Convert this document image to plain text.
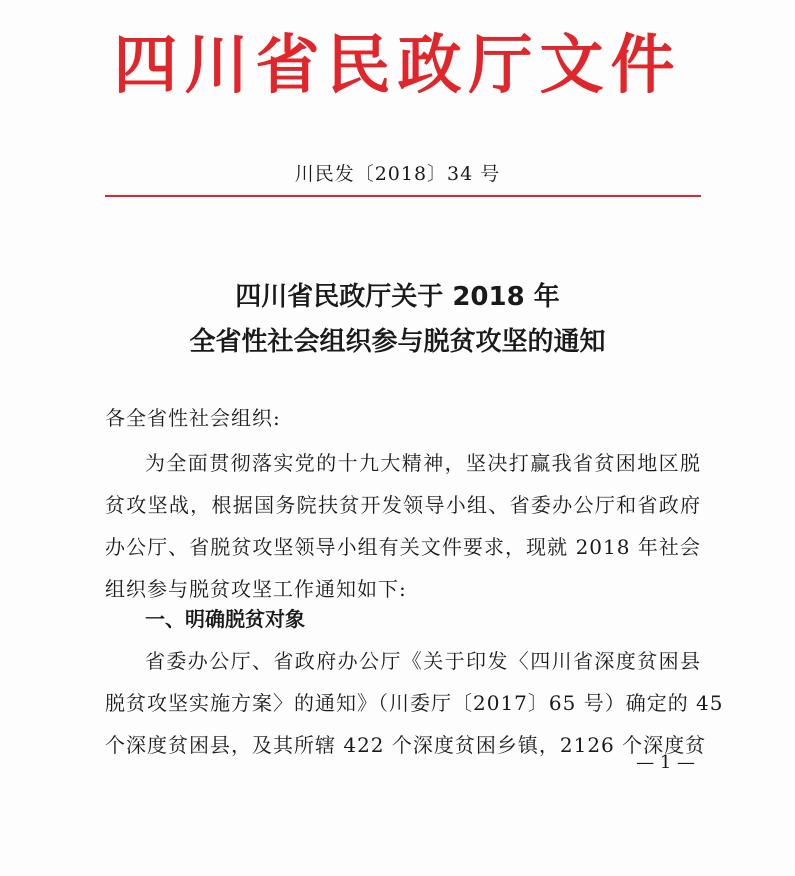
四川省民政厅文件
川民发〔2018〕34 号
四川省民政厅关于 2018 年
全省性社会组织参与脱贫攻坚的通知
各全省性社会组织:
为全面贯彻落实党的十九大精神，坚决打赢我省贫困地区脱
贫攻坚战，根据国务院扶贫开发领导小组、省委办公厅和省政府
办公厅、省脱贫攻坚领导小组有关文件要求，现就 2018 年社会
组织参与脱贫攻坚工作通知如下:
一、明确脱贫对象
省委办公厅、省政府办公厅《关于印发〈四川省深度贫困县
脱贫攻坚实施方案〉的通知》（川委厅〔2017〕65 号）确定的 45
个深度贫困县，及其所辖 422 个深度贫困乡镇，2126 个深度贫
— 1 —
